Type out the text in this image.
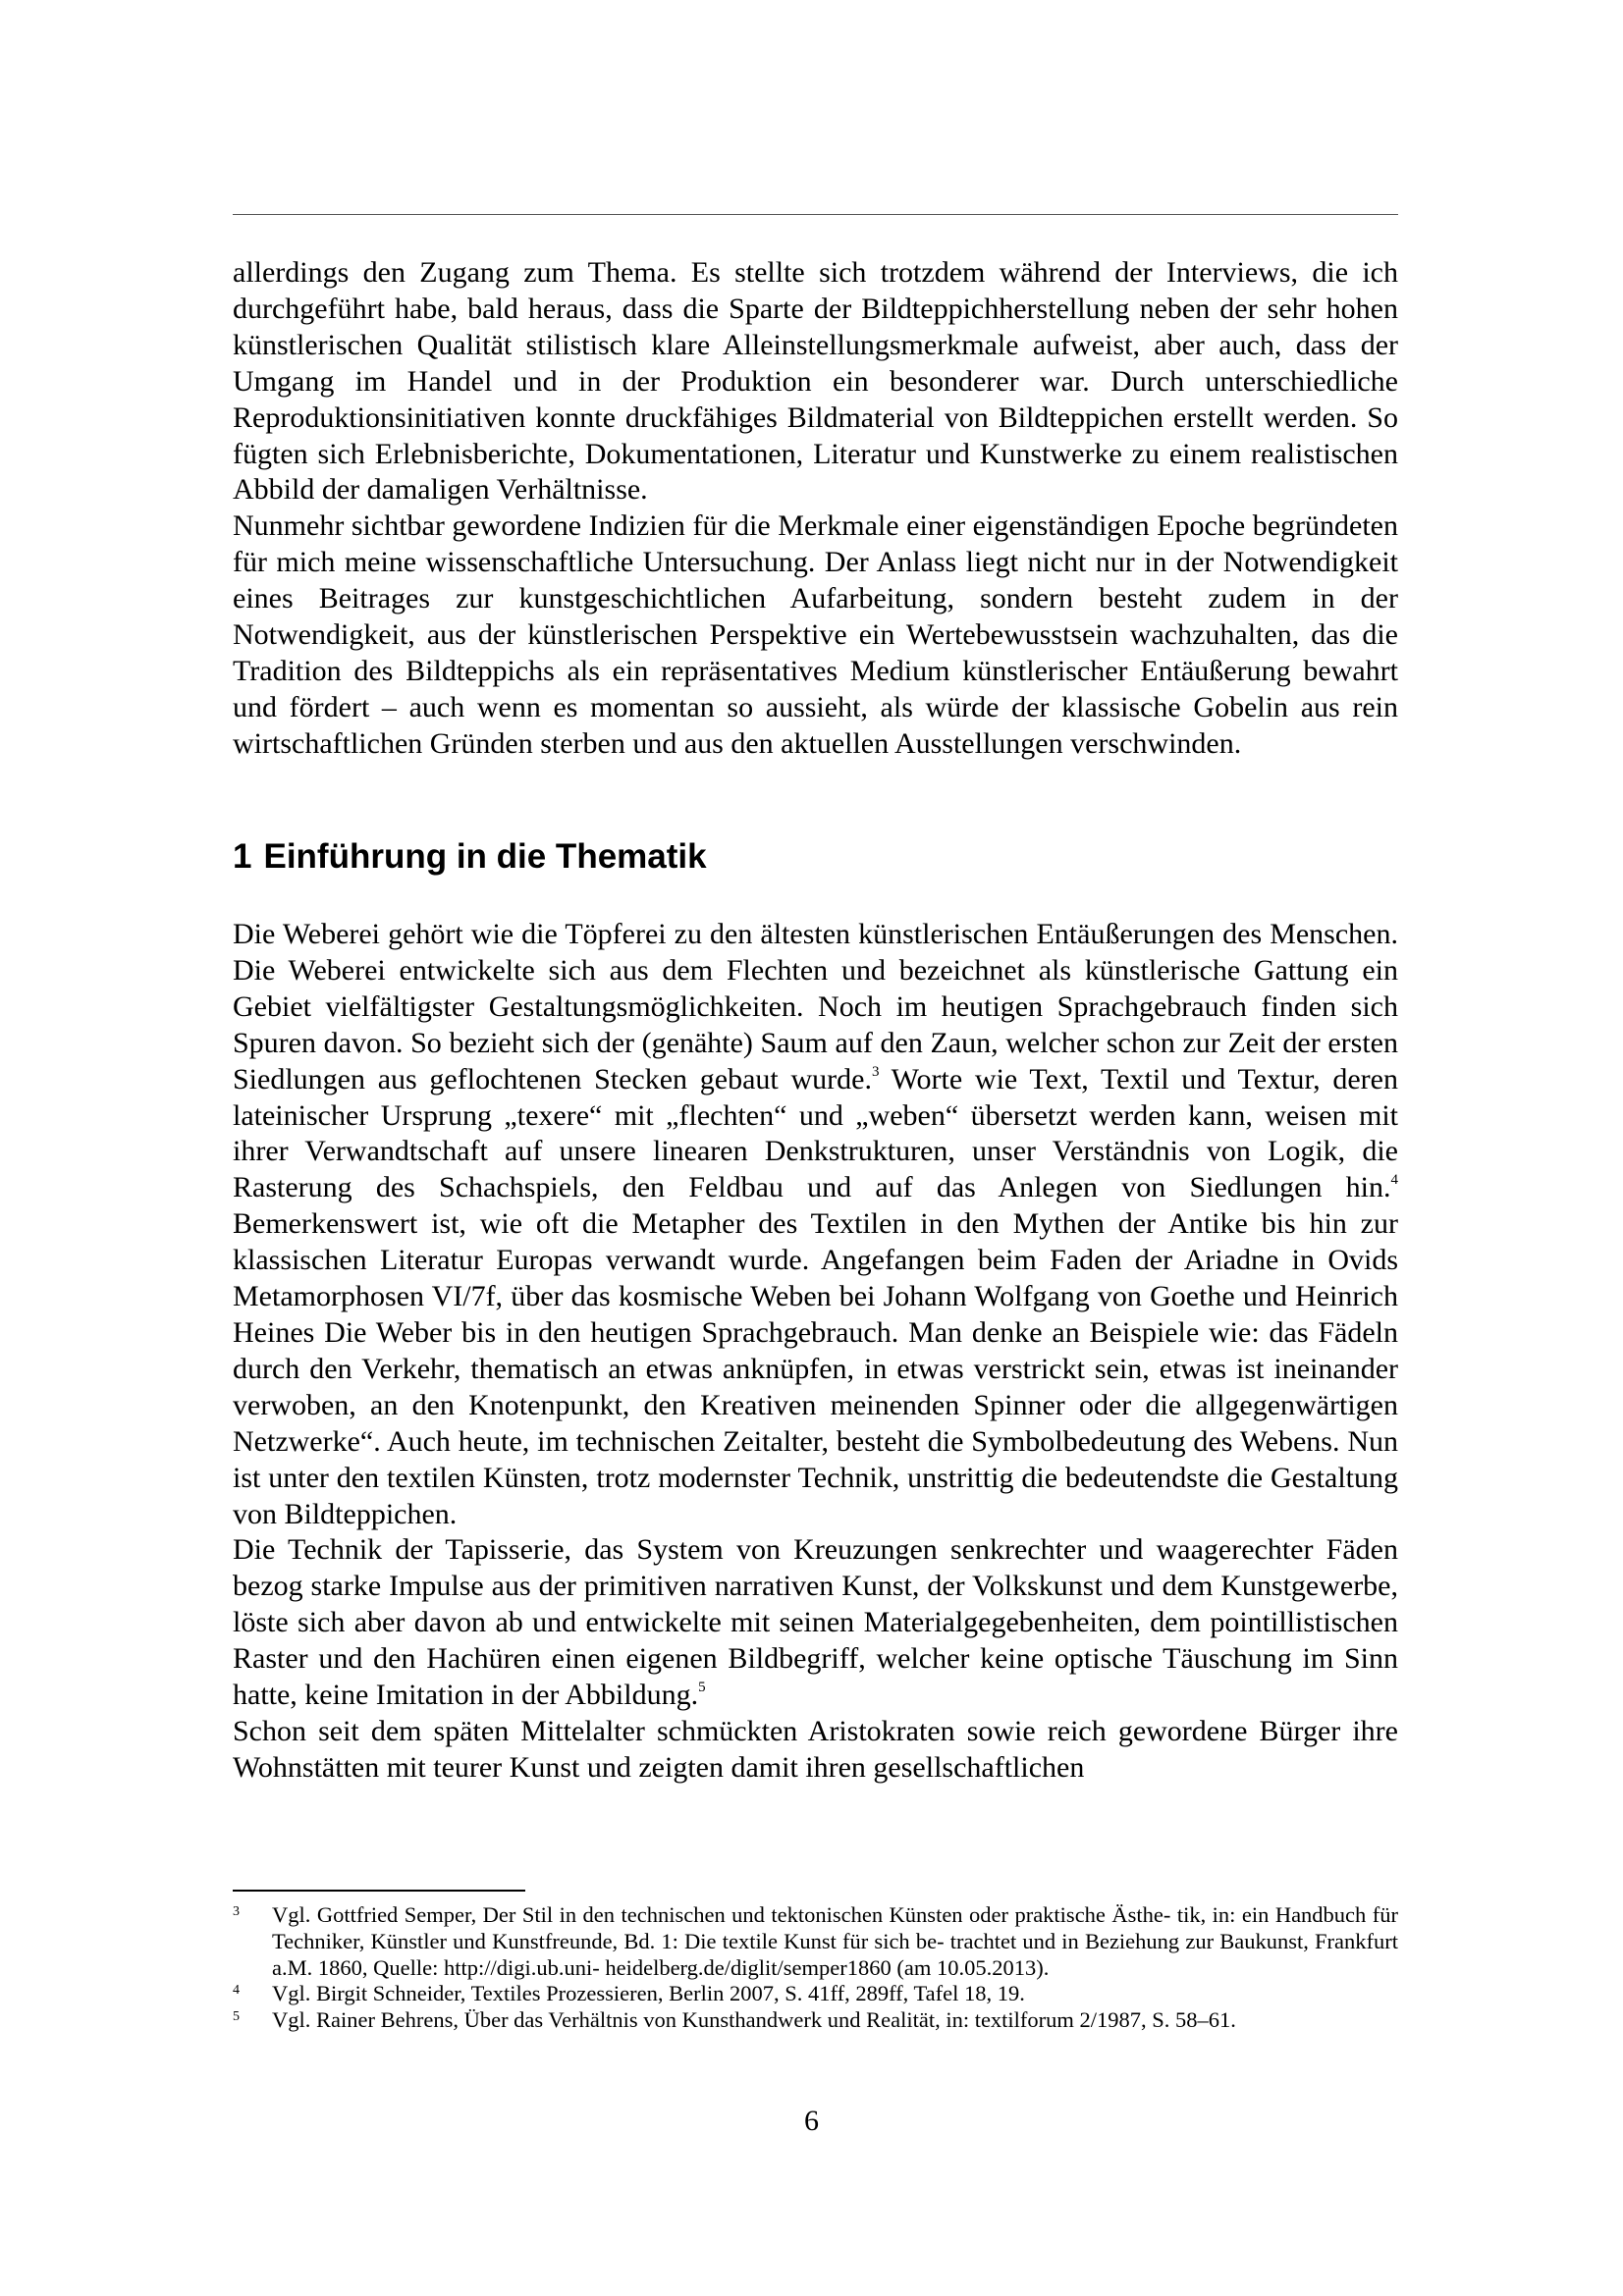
allerdings den Zugang zum Thema. Es stellte sich trotzdem während der Interviews, die ich durchgeführt habe, bald heraus, dass die Sparte der Bildteppichherstellung neben der sehr hohen künstlerischen Qualität stilistisch klare Alleinstellungsmerkmale aufweist, aber auch, dass der Umgang im Handel und in der Produktion ein besonderer war. Durch unterschiedliche Reproduktionsinitiativen konnte druckfähiges Bildmaterial von Bildteppichen erstellt werden. So fügten sich Erlebnisberichte, Dokumentationen, Literatur und Kunstwerke zu einem realistischen Abbild der damaligen Verhältnisse.

Nunmehr sichtbar gewordene Indizien für die Merkmale einer eigenständigen Epoche begründeten für mich meine wissenschaftliche Untersuchung. Der Anlass liegt nicht nur in der Notwendigkeit eines Beitrages zur kunstgeschichtlichen Aufarbeitung, sondern besteht zudem in der Notwendigkeit, aus der künstlerischen Perspektive ein Wertebewusstsein wachzuhalten, das die Tradition des Bildteppichs als ein repräsentatives Medium künstlerischer Entäußerung bewahrt und fördert – auch wenn es momentan so aussieht, als würde der klassische Gobelin aus rein wirtschaftlichen Gründen sterben und aus den aktuellen Ausstellungen verschwinden.

1 Einführung in die Thematik

Die Weberei gehört wie die Töpferei zu den ältesten künstlerischen Entäußerungen des Menschen. Die Weberei entwickelte sich aus dem Flechten und bezeichnet als künstlerische Gattung ein Gebiet vielfältigster Gestaltungsmöglichkeiten. Noch im heutigen Sprachgebrauch finden sich Spuren davon. So bezieht sich der (genähte) Saum auf den Zaun, welcher schon zur Zeit der ersten Siedlungen aus geflochtenen Stecken gebaut wurde.$^3$ Worte wie Text, Textil und Textur, deren lateinischer Ursprung „texere“ mit „flechten“ und „weben“ übersetzt werden kann, weisen mit ihrer Verwandtschaft auf unsere linearen Denkstrukturen, unser Verständnis von Logik, die Rasterung des Schachspiels, den Feldbau und auf das Anlegen von Siedlungen hin.$^4$ Bemerkenswert ist, wie oft die Metapher des Textilen in den Mythen der Antike bis hin zur klassischen Literatur Europas verwandt wurde. Angefangen beim Faden der Ariadne in Ovids Metamorphosen VI/7f, über das kosmische Weben bei Johann Wolfgang von Goethe und Heinrich Heines Die Weber bis in den heutigen Sprachgebrauch. Man denke an Beispiele wie: das Fädeln durch den Verkehr, thematisch an etwas anknüpfen, in etwas verstrickt sein, etwas ist ineinander verwoben, an den Knotenpunkt, den Kreativen meinenden Spinner oder die allgegenwärtigen Netzwerke“. Auch heute, im technischen Zeitalter, besteht die Symbolbedeutung des Webens. Nun ist unter den textilen Künsten, trotz modernster Technik, unstrittig die bedeutendste die Gestaltung von Bildteppichen.

Die Technik der Tapisserie, das System von Kreuzungen senkrechter und waagerechter Fäden bezog starke Impulse aus der primitiven narrativen Kunst, der Volkskunst und dem Kunstgewerbe, löste sich aber davon ab und entwickelte mit seinen Materialgegebenheiten, dem pointillistischen Raster und den Hachüren einen eigenen Bildbegriff, welcher keine optische Täuschung im Sinn hatte, keine Imitation in der Abbildung.$^5$

Schon seit dem späten Mittelalter schmückten Aristokraten sowie reich gewordene Bürger ihre Wohnstätten mit teurer Kunst und zeigten damit ihren gesellschaftlichen

3	Vgl. Gottfried Semper, Der Stil in den technischen und tektonischen Künsten oder praktische Ästhe- tik, in: ein Handbuch für Techniker, Künstler und Kunstfreunde, Bd. 1: Die textile Kunst für sich be- trachtet und in Beziehung zur Baukunst, Frankfurt a.M. 1860, Quelle: http://digi.ub.uni- heidelberg.de/diglit/semper1860 (am 10.05.2013).
4	Vgl. Birgit Schneider, Textiles Prozessieren, Berlin 2007, S. 41ff, 289ff, Tafel 18, 19.
5	Vgl. Rainer Behrens, Über das Verhältnis von Kunsthandwerk und Realität, in: textilforum 2/1987, S. 58–61.
6
